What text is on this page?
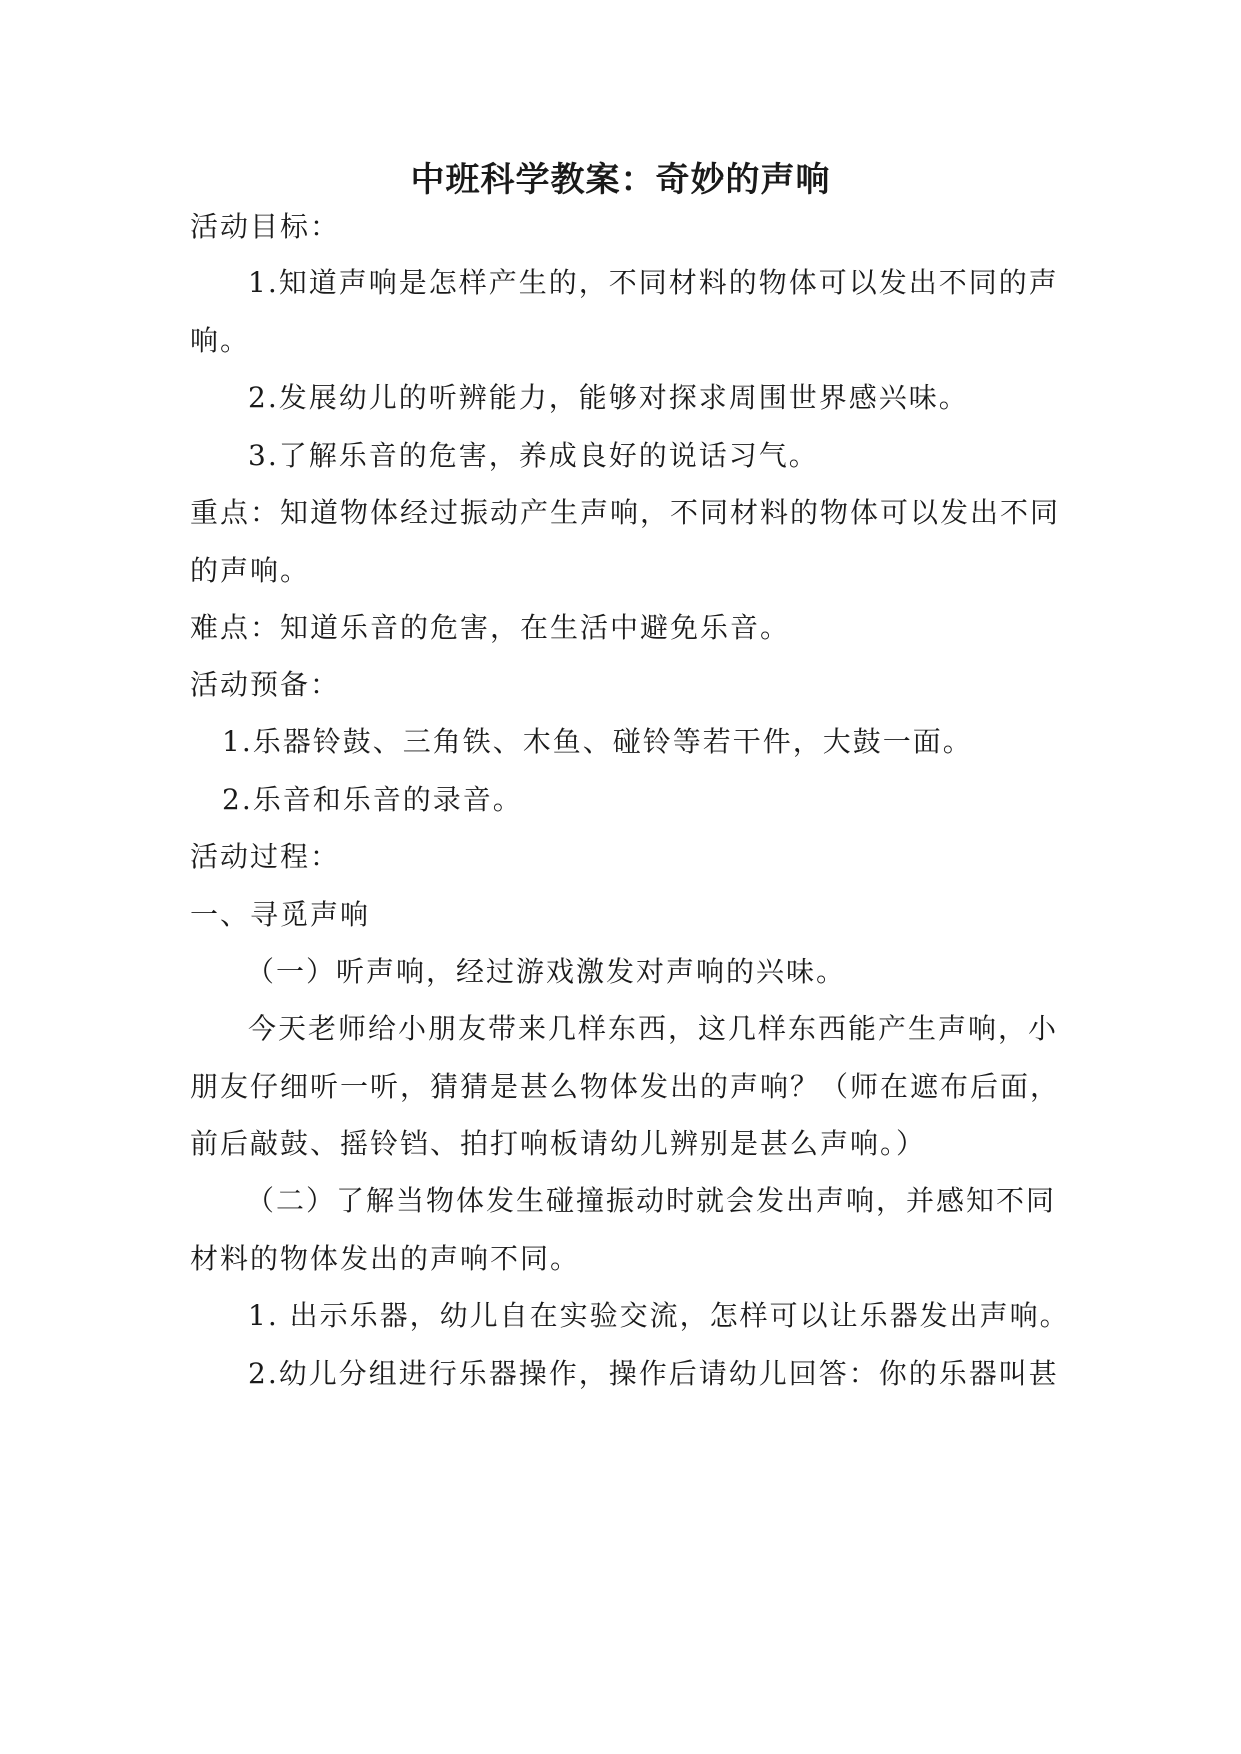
中班科学教案：奇妙的声响

活动目标：

1.知道声响是怎样产生的，不同材料的物体可以发出不同的声

响。

2.发展幼儿的听辨能力，能够对探求周围世界感兴味。

3.了解乐音的危害，养成良好的说话习气。

重点：知道物体经过振动产生声响，不同材料的物体可以发出不同

的声响。

难点：知道乐音的危害，在生活中避免乐音。

活动预备：

1.乐器铃鼓、三角铁、木鱼、碰铃等若干件，大鼓一面。

2.乐音和乐音的录音。

活动过程：

一、寻觅声响

（一）听声响，经过游戏激发对声响的兴味。

今天老师给小朋友带来几样东西，这几样东西能产生声响，小

朋友仔细听一听，猜猜是甚么物体发出的声响？（师在遮布后面，

前后敲鼓、摇铃铛、拍打响板请幼儿辨别是甚么声响。）

（二）了解当物体发生碰撞振动时就会发出声响，并感知不同

材料的物体发出的声响不同。

1. 出示乐器，幼儿自在实验交流，怎样可以让乐器发出声响。

2.幼儿分组进行乐器操作，操作后请幼儿回答：你的乐器叫甚
